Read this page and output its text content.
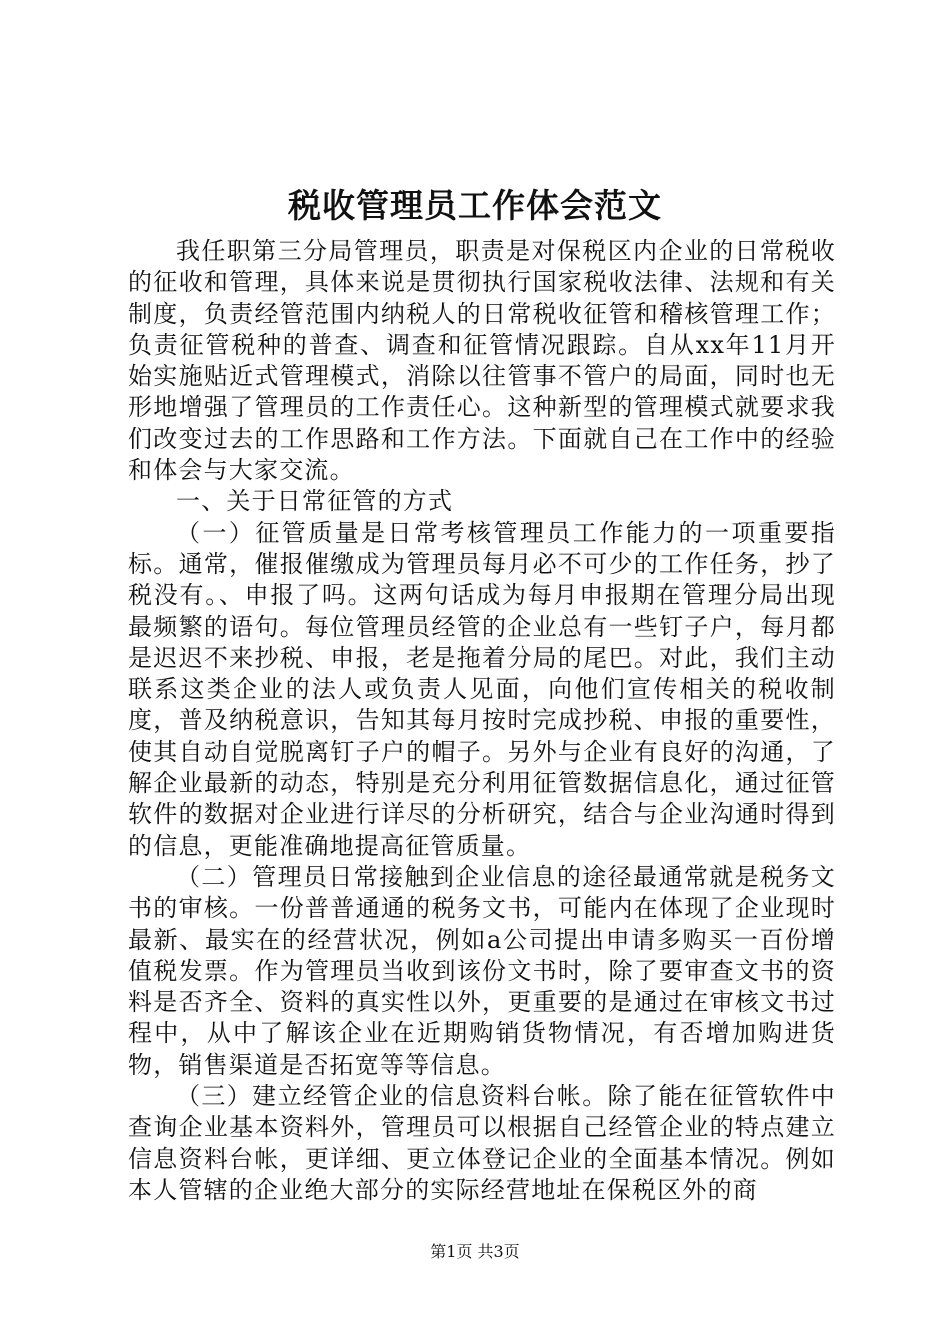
税收管理员工作体会范文

我任职第三分局管理员，职责是对保税区内企业的日常税收的征收和管理，具体来说是贯彻执行国家税收法律、法规和有关制度，负责经管范围内纳税人的日常税收征管和稽核管理工作；负责征管税种的普查、调查和征管情况跟踪。自从xx年11月开始实施贴近式管理模式，消除以往管事不管户的局面，同时也无形地增强了管理员的工作责任心。这种新型的管理模式就要求我们改变过去的工作思路和工作方法。下面就自己在工作中的经验和体会与大家交流。

一、关于日常征管的方式

（一）征管质量是日常考核管理员工作能力的一项重要指标。通常，催报催缴成为管理员每月必不可少的工作任务，抄了税没有。、申报了吗。这两句话成为每月申报期在管理分局出现最频繁的语句。每位管理员经管的企业总有一些钉子户，每月都是迟迟不来抄税、申报，老是拖着分局的尾巴。对此，我们主动联系这类企业的法人或负责人见面，向他们宣传相关的税收制度，普及纳税意识，告知其每月按时完成抄税、申报的重要性，使其自动自觉脱离钉子户的帽子。另外与企业有良好的沟通，了解企业最新的动态，特别是充分利用征管数据信息化，通过征管软件的数据对企业进行详尽的分析研究，结合与企业沟通时得到的信息，更能准确地提高征管质量。

（二）管理员日常接触到企业信息的途径最通常就是税务文书的审核。一份普普通通的税务文书，可能内在体现了企业现时最新、最实在的经营状况，例如a公司提出申请多购买一百份增值税发票。作为管理员当收到该份文书时，除了要审查文书的资料是否齐全、资料的真实性以外，更重要的是通过在审核文书过程中，从中了解该企业在近期购销货物情况，有否增加购进货物，销售渠道是否拓宽等等信息。

（三）建立经管企业的信息资料台帐。除了能在征管软件中查询企业基本资料外，管理员可以根据自己经管企业的特点建立信息资料台帐，更详细、更立体登记企业的全面基本情况。例如本人管辖的企业绝大部分的实际经营地址在保税区外的商

第1页 共3页
